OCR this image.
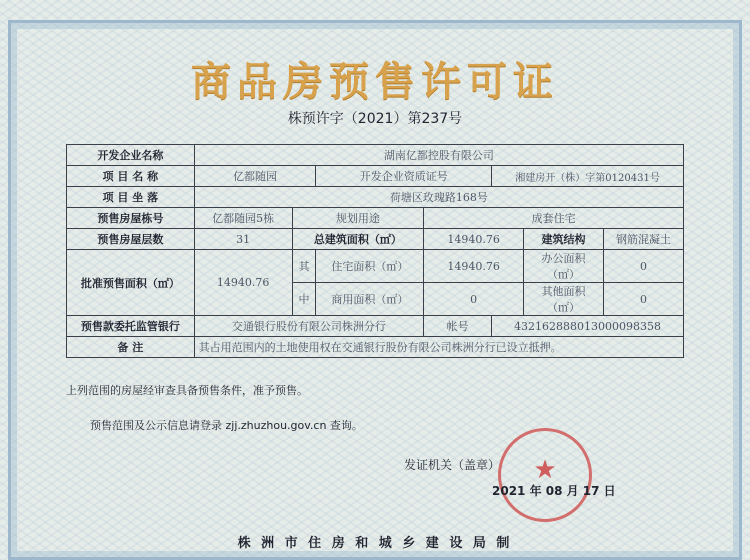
商品房预售许可证
株预许字（2021）第237号
开发企业名称	湖南亿都控股有限公司						
项 目 名 称	亿都随园		开发企业资质证号		湘建房开（株）字第0120431号		
项 目 坐 落	荷塘区玫瑰路168号						
预售房屋栋号	亿都随园5栋	规划用途		成套住宅			
预售房屋层数	31	总建筑面积（㎡）		14940.76		建筑结构	钢筋混凝土
批准预售面积（㎡）	14940.76	其	住宅面积（㎡）	14940.76		办公面积（㎡）	0
		中	商用面积（㎡）	0		其他面积（㎡）	0
预售款委托监管银行	交通银行股份有限公司株洲分行			帐号	432162888013000098358		
备 注	其占用范围内的土地使用权在交通银行股份有限公司株洲分行已设立抵押。						
上列范围的房屋经审查具备预售条件，准予预售。
预售范围及公示信息请登录 zjj.zhuzhou.gov.cn 查询。
★
发证机关（盖章）
2021 年 08 月 17 日
株 洲 市 住 房 和 城 乡 建 设 局 制
